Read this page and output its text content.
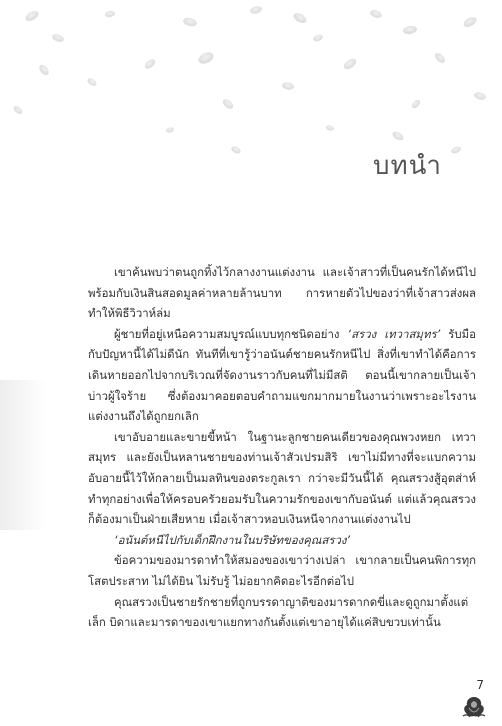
บทนำ

เขาค้นพบว่าตนถูกทิ้งไว้กลางงานแต่งงาน และเจ้าสาวที่เป็นคนรักได้หนีไปพร้อมกับเงินสินสอดมูลค่าหลายล้านบาท การหายตัวไปของว่าที่เจ้าสาวส่งผลทำให้พิธีวิวาห์ล่ม

ผู้ชายที่อยู่เหนือความสมบูรณ์แบบทุกชนิดอย่าง ‘สรวง เทวาสมุทร’ รับมือกับปัญหานี้ได้ไม่ดีนัก ทันทีที่เขารู้ว่าอนันต์ชายคนรักหนีไป สิ่งที่เขาทำได้คือการเดินหายออกไปจากบริเวณที่จัดงานราวกับคนที่ไม่มีสติ ตอนนี้เขากลายเป็นเจ้าบ่าวผู้ใจร้าย ซึ่งต้องมาคอยตอบคำถามแขกมากมายในงานว่าเพราะอะไรงานแต่งงานถึงได้ถูกยกเลิก

เขาอับอายและขายขี้หน้า ในฐานะลูกชายคนเดียวของคุณพวงหยก เทวาสมุทร และยังเป็นหลานชายของท่านเจ้าสัวเปรมสิริ เขาไม่มีทางที่จะแบกความอับอายนี้ไว้ให้กลายเป็นมลทินของตระกูลเรา กว่าจะมีวันนี้ได้ คุณสรวงสู้อุตส่าห์ทำทุกอย่างเพื่อให้ครอบครัวยอมรับในความรักของเขากับอนันต์ แต่แล้วคุณสรวงก็ต้องมาเป็นฝ่ายเสียหาย เมื่อเจ้าสาวหอบเงินหนีจากงานแต่งงานไป

‘อนันต์หนีไปกับเด็กฝึกงานในบริษัทของคุณสรวง’

ข้อความของมารดาทำให้สมองของเขาว่างเปล่า เขากลายเป็นคนพิการทุกโสตประสาท ไม่ได้ยิน ไม่รับรู้ ไม่อยากคิดอะไรอีกต่อไป

คุณสรวงเป็นชายรักชายที่ถูกบรรดาญาติของมารดากดขี่และดูถูกมาตั้งแต่เล็ก บิดาและมารดาของเขาแยกทางกันตั้งแต่เขาอายุได้แค่สิบขวบเท่านั้น

7
